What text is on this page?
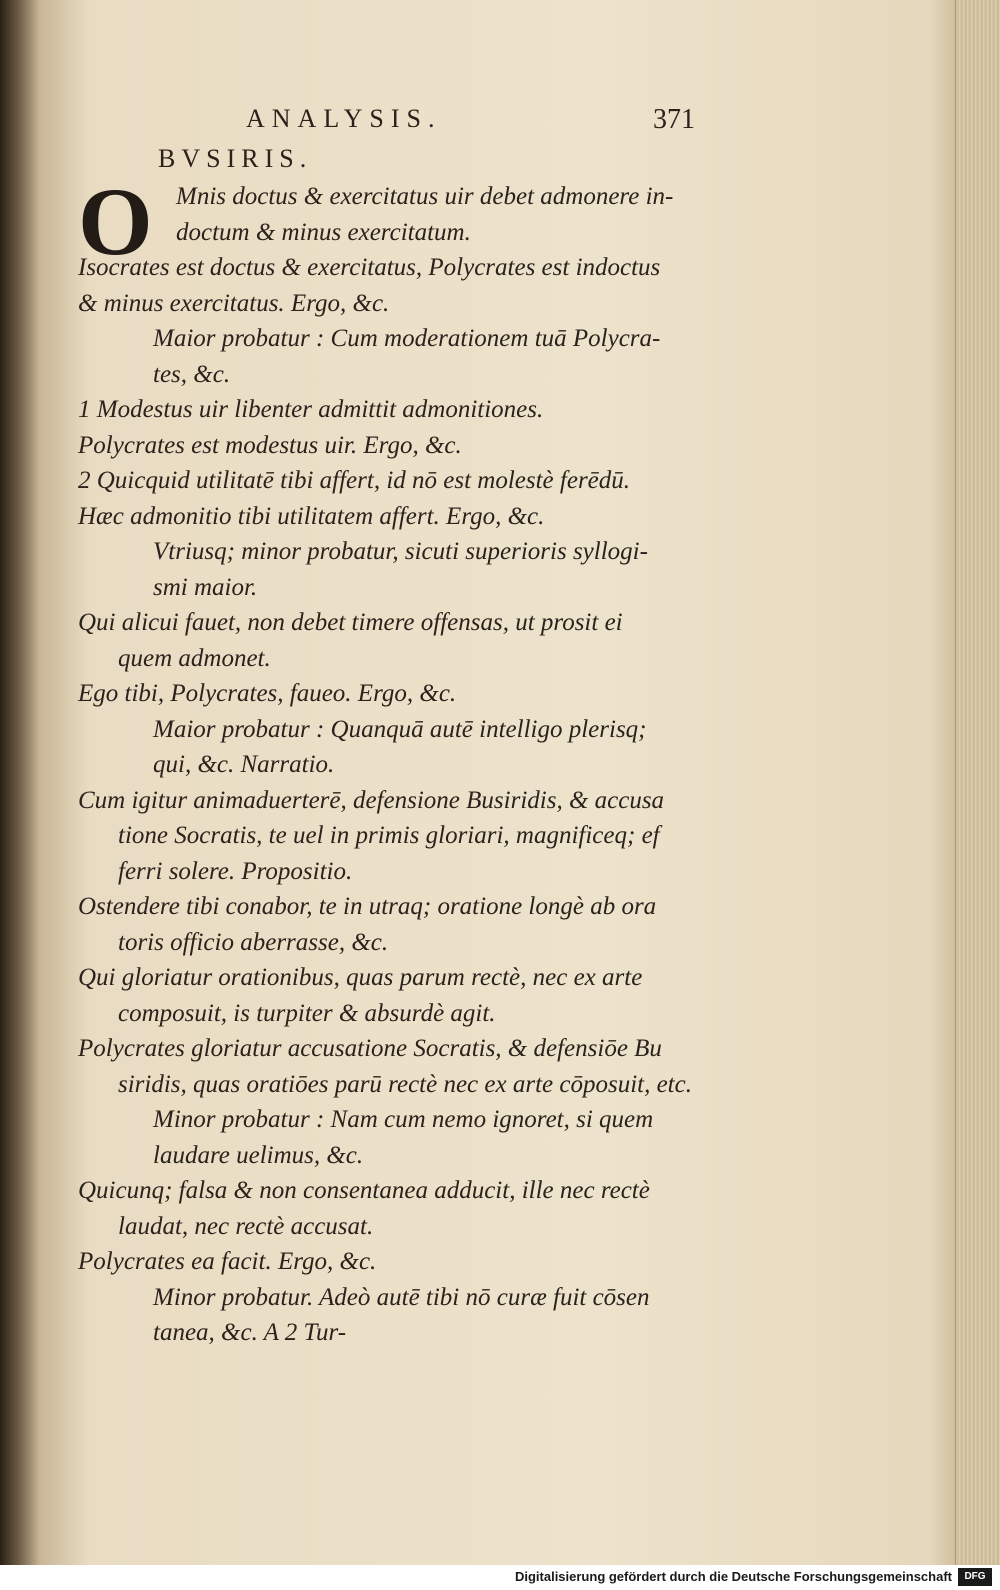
ANALYSIS.	371
BVSIRIS.
O Mnis doctus & exercitatus uir debet admonere in-
doctum & minus exercitatum.
Isocrates est doctus & exercitatus, Polycrates est indoctus
& minus exercitatus. Ergo, &c.
Maior probatur : Cum moderationem tuā Polycra-
tes, &c.
1 Modestus uir libenter admittit admonitiones.
Polycrates est modestus uir. Ergo, &c.
2 Quicquid utilitatē tibi affert, id nō est molestè ferēdū.
Hæc admonitio tibi utilitatem affert. Ergo, &c.
Vtriusq; minor probatur, sicuti superioris syllogi-
smi maior.
Qui alicui fauet, non debet timere offensas, ut prosit ei
quem admonet.
Ego tibi, Polycrates, faueo. Ergo, &c.
Maior probatur : Quanquā autē intelligo plerisq;
qui, &c. Narratio.
Cum igitur animaduerterē, defensione Busiridis, & accusa
tione Socratis, te uel in primis gloriari, magnificeq; ef
ferri solere. Propositio.
Ostendere tibi conabor, te in utraq; oratione longè ab ora
toris officio aberrasse, &c.
Qui gloriatur orationibus, quas parum rectè, nec ex arte
composuit, is turpiter & absurdè agit.
Polycrates gloriatur accusatione Socratis, & defensiōe Bu
siridis, quas oratiōes parū rectè nec ex arte cōposuit, etc.
Minor probatur : Nam cum nemo ignoret, si quem
laudare uelimus, &c.
Quicunq; falsa & non consentanea adducit, ille nec rectè
laudat, nec rectè accusat.
Polycrates ea facit. Ergo, &c.
Minor probatur. Adeò autē tibi nō curæ fuit cōsen
tanea, &c. A 2 Tur-
Digitalisierung gefördert durch die Deutsche Forschungsgemeinschaft	DFG
